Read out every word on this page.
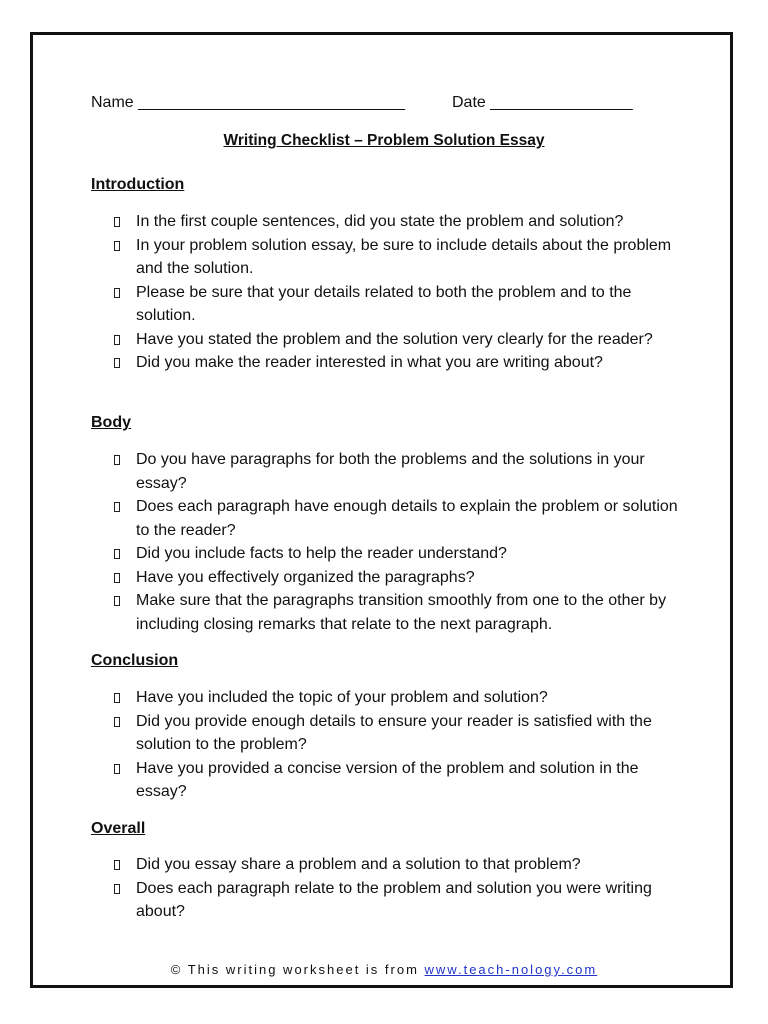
Name ______________________________	Date ________________
Writing Checklist – Problem Solution Essay
Introduction
In the first couple sentences, did you state the problem and solution?
In your problem solution essay, be sure to include details about the problem and the solution.
Please be sure that your details related to both the problem and to the solution.
Have you stated the problem and the solution very clearly for the reader?
Did you make the reader interested in what you are writing about?
Body
Do you have paragraphs for both the problems and the solutions in your essay?
Does each paragraph have enough details to explain the problem or solution to the reader?
Did you include facts to help the reader understand?
Have you effectively organized the paragraphs?
Make sure that the paragraphs transition smoothly from one to the other by including closing remarks that relate to the next paragraph.
Conclusion
Have you included the topic of your problem and solution?
Did you provide enough details to ensure your reader is satisfied with the solution to the problem?
Have you provided a concise version of the problem and solution in the essay?
Overall
Did you essay share a problem and a solution to that problem?
Does each paragraph relate to the problem and solution you were writing about?
© This writing worksheet is from www.teach-nology.com
